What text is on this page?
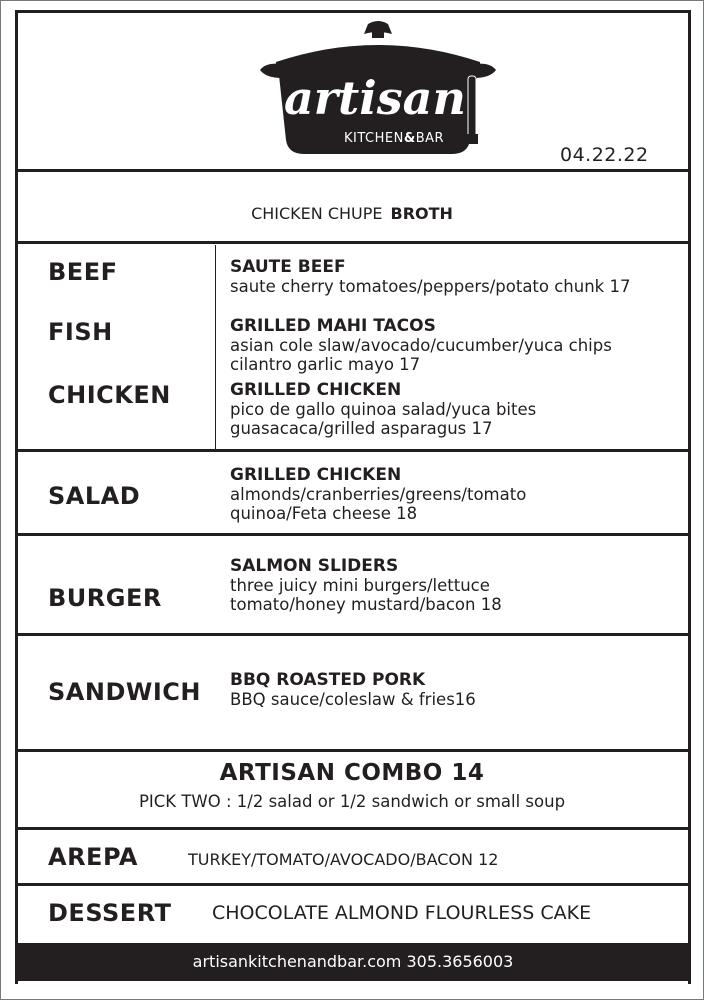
artisan
KITCHEN&BAR
04.22.22
CHICKEN CHUPE BROTH
BEEF
FISH
CHICKEN
SAUTE BEEF
saute cherry tomatoes/peppers/potato chunk 17
GRILLED MAHI TACOS
asian cole slaw/avocado/cucumber/yuca chips
cilantro garlic mayo 17
GRILLED CHICKEN
pico de gallo quinoa salad/yuca bites
guasacaca/grilled asparagus 17
SALAD
GRILLED CHICKEN
almonds/cranberries/greens/tomato
quinoa/Feta cheese 18
BURGER
SALMON SLIDERS
three juicy mini burgers/lettuce
tomato/honey mustard/bacon 18
SANDWICH BBQ ROASTED PORK
BBQ sauce/coleslaw & fries16
ARTISAN COMBO 14
PICK TWO : 1/2 salad or 1/2 sandwich or small soup
AREPA	TURKEY/TOMATO/AVOCADO/BACON 12
DESSERT CHOCOLATE ALMOND FLOURLESS CAKE
artisankitchenandbar.com 305.3656003
